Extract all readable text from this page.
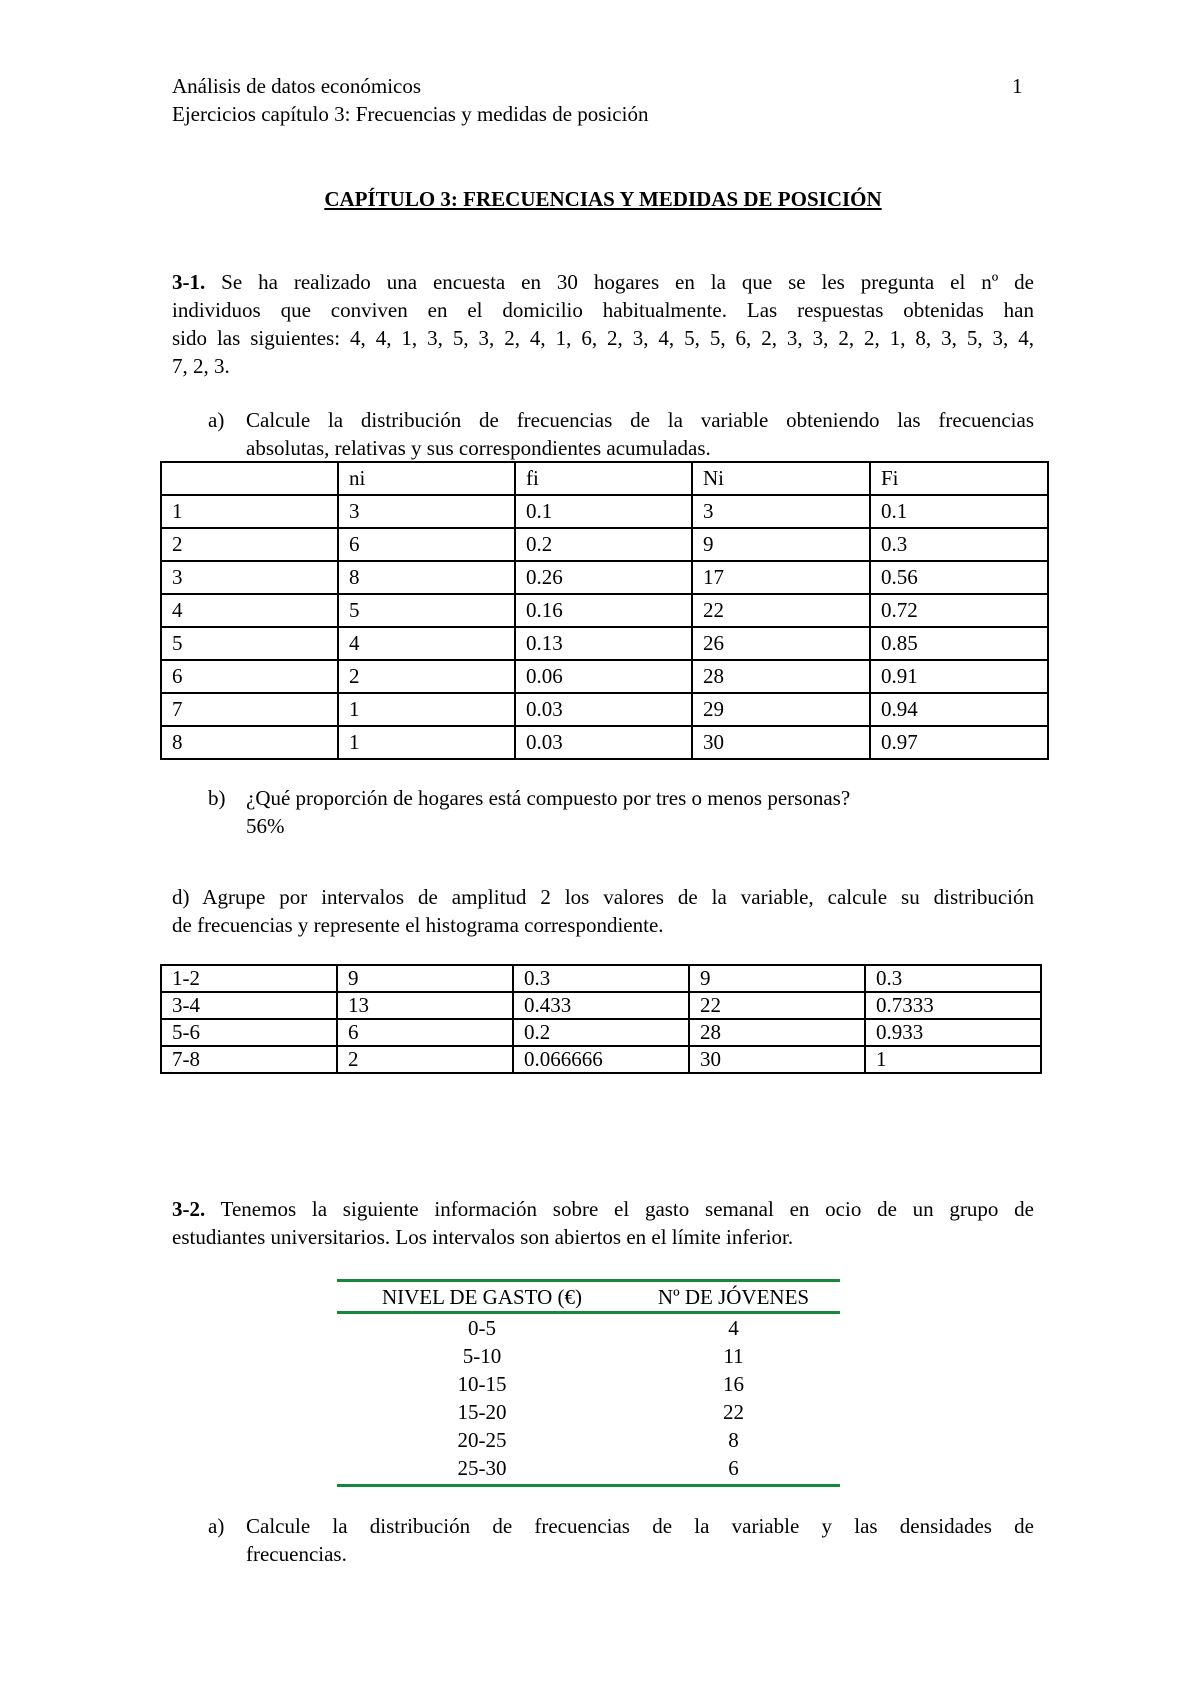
Análisis de datos económicos	1
Ejercicios capítulo 3: Frecuencias y medidas de posición
CAPÍTULO 3: FRECUENCIAS Y MEDIDAS DE POSICIÓN
3-1. Se ha realizado una encuesta en 30 hogares en la que se les pregunta el nº de
individuos que conviven en el domicilio habitualmente. Las respuestas obtenidas han
sido las siguientes: 4, 4, 1, 3, 5, 3, 2, 4, 1, 6, 2, 3, 4, 5, 5, 6, 2, 3, 3, 2, 2, 1, 8, 3, 5, 3, 4,
7, 2, 3.
a) Calcule la distribución de frecuencias de la variable obteniendo las frecuencias
absolutas, relativas y sus correspondientes acumuladas.
	ni	fi	Ni	Fi
1	3	0.1	3	0.1
2	6	0.2	9	0.3
3	8	0.26	17	0.56
4	5	0.16	22	0.72
5	4	0.13	26	0.85
6	2	0.06	28	0.91
7	1	0.03	29	0.94
8	1	0.03	30	0.97
b) ¿Qué proporción de hogares está compuesto por tres o menos personas?
56%
d) Agrupe por intervalos de amplitud 2 los valores de la variable, calcule su distribución
de frecuencias y represente el histograma correspondiente.
1-2	9	0.3	9	0.3
3-4	13	0.433	22	0.7333
5-6	6	0.2	28	0.933
7-8	2	0.066666	30	1
3-2. Tenemos la siguiente información sobre el gasto semanal en ocio de un grupo de
estudiantes universitarios. Los intervalos son abiertos en el límite inferior.
NIVEL DE GASTO (€)	Nº DE JÓVENES
0-5	4
5-10	11
10-15	16
15-20	22
20-25	8
25-30	6
a) Calcule la distribución de frecuencias de la variable y las densidades de
frecuencias.
